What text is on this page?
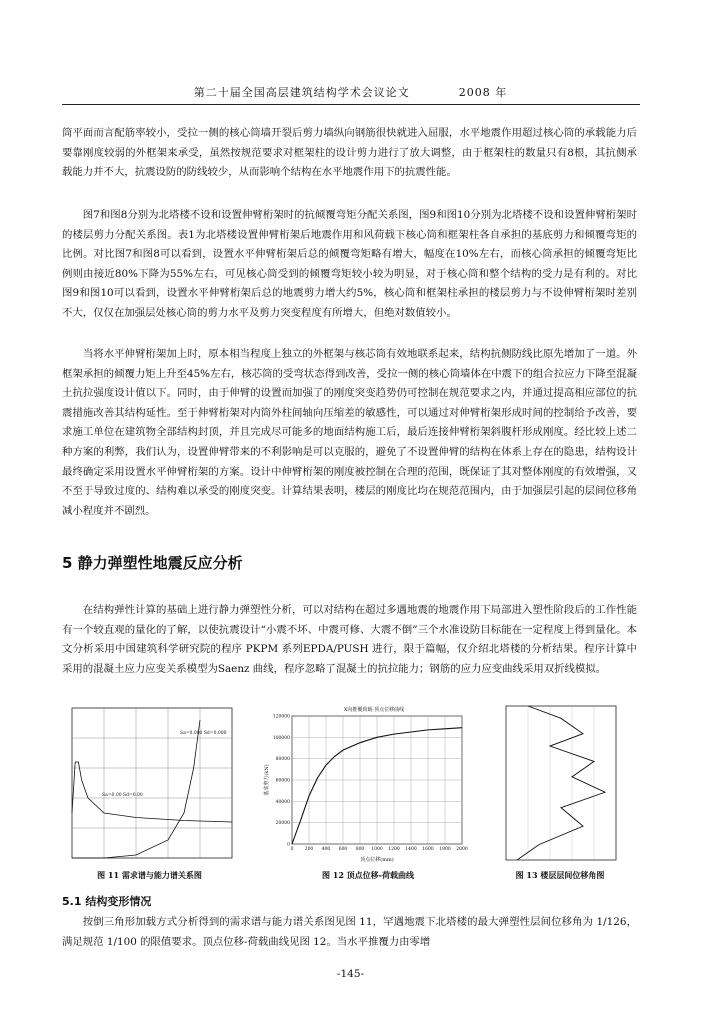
第二十届全国高层建筑结构学术会议论文	2008 年

筒平面而言配筋率较小，受拉一侧的核心筒墙开裂后剪力墙纵向钢筋很快就进入屈服，水平地震作用超过核心筒的承载能力后要靠刚度较弱的外框架来承受，虽然按规范要求对框架柱的设计剪力进行了放大调整，由于框架柱的数量只有8根，其抗侧承载能力并不大，抗震设防的防线较少，从而影响个结构在水平地震作用下的抗震性能。

图7和图8分别为北塔楼不设和设置伸臂桁架时的抗倾覆弯矩分配关系图，图9和图10分别为北塔楼不设和设置伸臂桁架时的楼层剪力分配关系图。表1为北塔楼设置伸臂桁架后地震作用和风荷载下核心筒和框架柱各自承担的基底剪力和倾覆弯矩的比例。对比图7和图8可以看到，设置水平伸臂桁架后总的倾覆弯矩略有增大，幅度在10%左右，而核心筒承担的倾覆弯矩比例则由接近80%下降为55%左右，可见核心筒受到的倾覆弯矩较小较为明显，对于核心筒和整个结构的受力是有利的。对比图9和图10可以看到，设置水平伸臂桁架后总的地震剪力增大约5%，核心筒和框架柱承担的楼层剪力与不设伸臂桁架时差别不大，仅仅在加强层处核心筒的剪力水平及剪力突变程度有所增大，但绝对数值较小。

当将水平伸臂桁架加上时，原本相当程度上独立的外框架与核芯筒有效地联系起来，结构抗侧防线比原先增加了一道。外框架承担的倾覆力矩上升至45%左右，核芯筒的受弯状态得到改善，受拉一侧的核心筒墙体在中震下的组合拉应力下降至混凝土抗拉强度设计值以下。同时，由于伸臂的设置而加强了的刚度突变趋势仍可控制在规范要求之内，并通过提高相应部位的抗震措施改善其结构延性。至于伸臂桁架对内筒外柱间轴向压缩差的敏感性，可以通过对伸臂桁架形成时间的控制给予改善，要求施工单位在建筑物全部结构封顶，并且完成尽可能多的地面结构施工后，最后连接伸臂桁架斜腹杆形成刚度。经比较上述二种方案的利弊，我们认为，设置伸臂带来的不利影响是可以克服的，避免了不设置伸臂的结构在体系上存在的隐患，结构设计最终确定采用设置水平伸臂桁架的方案。设计中伸臂桁架的刚度被控制在合理的范围，既保证了其对整体刚度的有效增强，又不至于导致过度的、结构难以承受的刚度突变。计算结果表明，楼层的刚度比均在规范范围内，由于加强层引起的层间位移角减小程度并不剧烈。

5 静力弹塑性地震反应分析

在结构弹性计算的基础上进行静力弹塑性分析，可以对结构在超过多遇地震的地震作用下局部进入塑性阶段后的工作性能有一个较直观的量化的了解，以使抗震设计“小震不坏、中震可修、大震不倒”三个水准设防目标能在一定程度上得到量化。本文分析采用中国建筑科学研究院的程序 PKPM 系列EPDA/PUSH 进行，限于篇幅，仅介绍北塔楼的分析结果。程序计算中采用的混凝土应力应变关系模型为Saenz 曲线，程序忽略了混凝土的抗拉能力；钢筋的应力应变曲线采用双折线模拟。

Sa=0.000 Sd=0.000
Sa=0.00 Sd=0.00
图 11 需求谱与能力谱关系图
X向推覆荷载-顶点位移曲线
0	200 400 600 800 1000 1200 1400 1600 1800 2000
0
20000
40000
60000
80000
100000
120000
基底剪力(kN)
顶点位移(mm)
图 12 顶点位移-荷载曲线	图 13 楼层层间位移角图
5.1 结构变形情况

按倒三角形加载方式分析得到的需求谱与能力谱关系图见图 11，罕遇地震下北塔楼的最大弹塑性层间位移角为 1/126，满足规范 1/100 的限值要求。顶点位移-荷载曲线见图 12。当水平推覆力由零增

-145-
